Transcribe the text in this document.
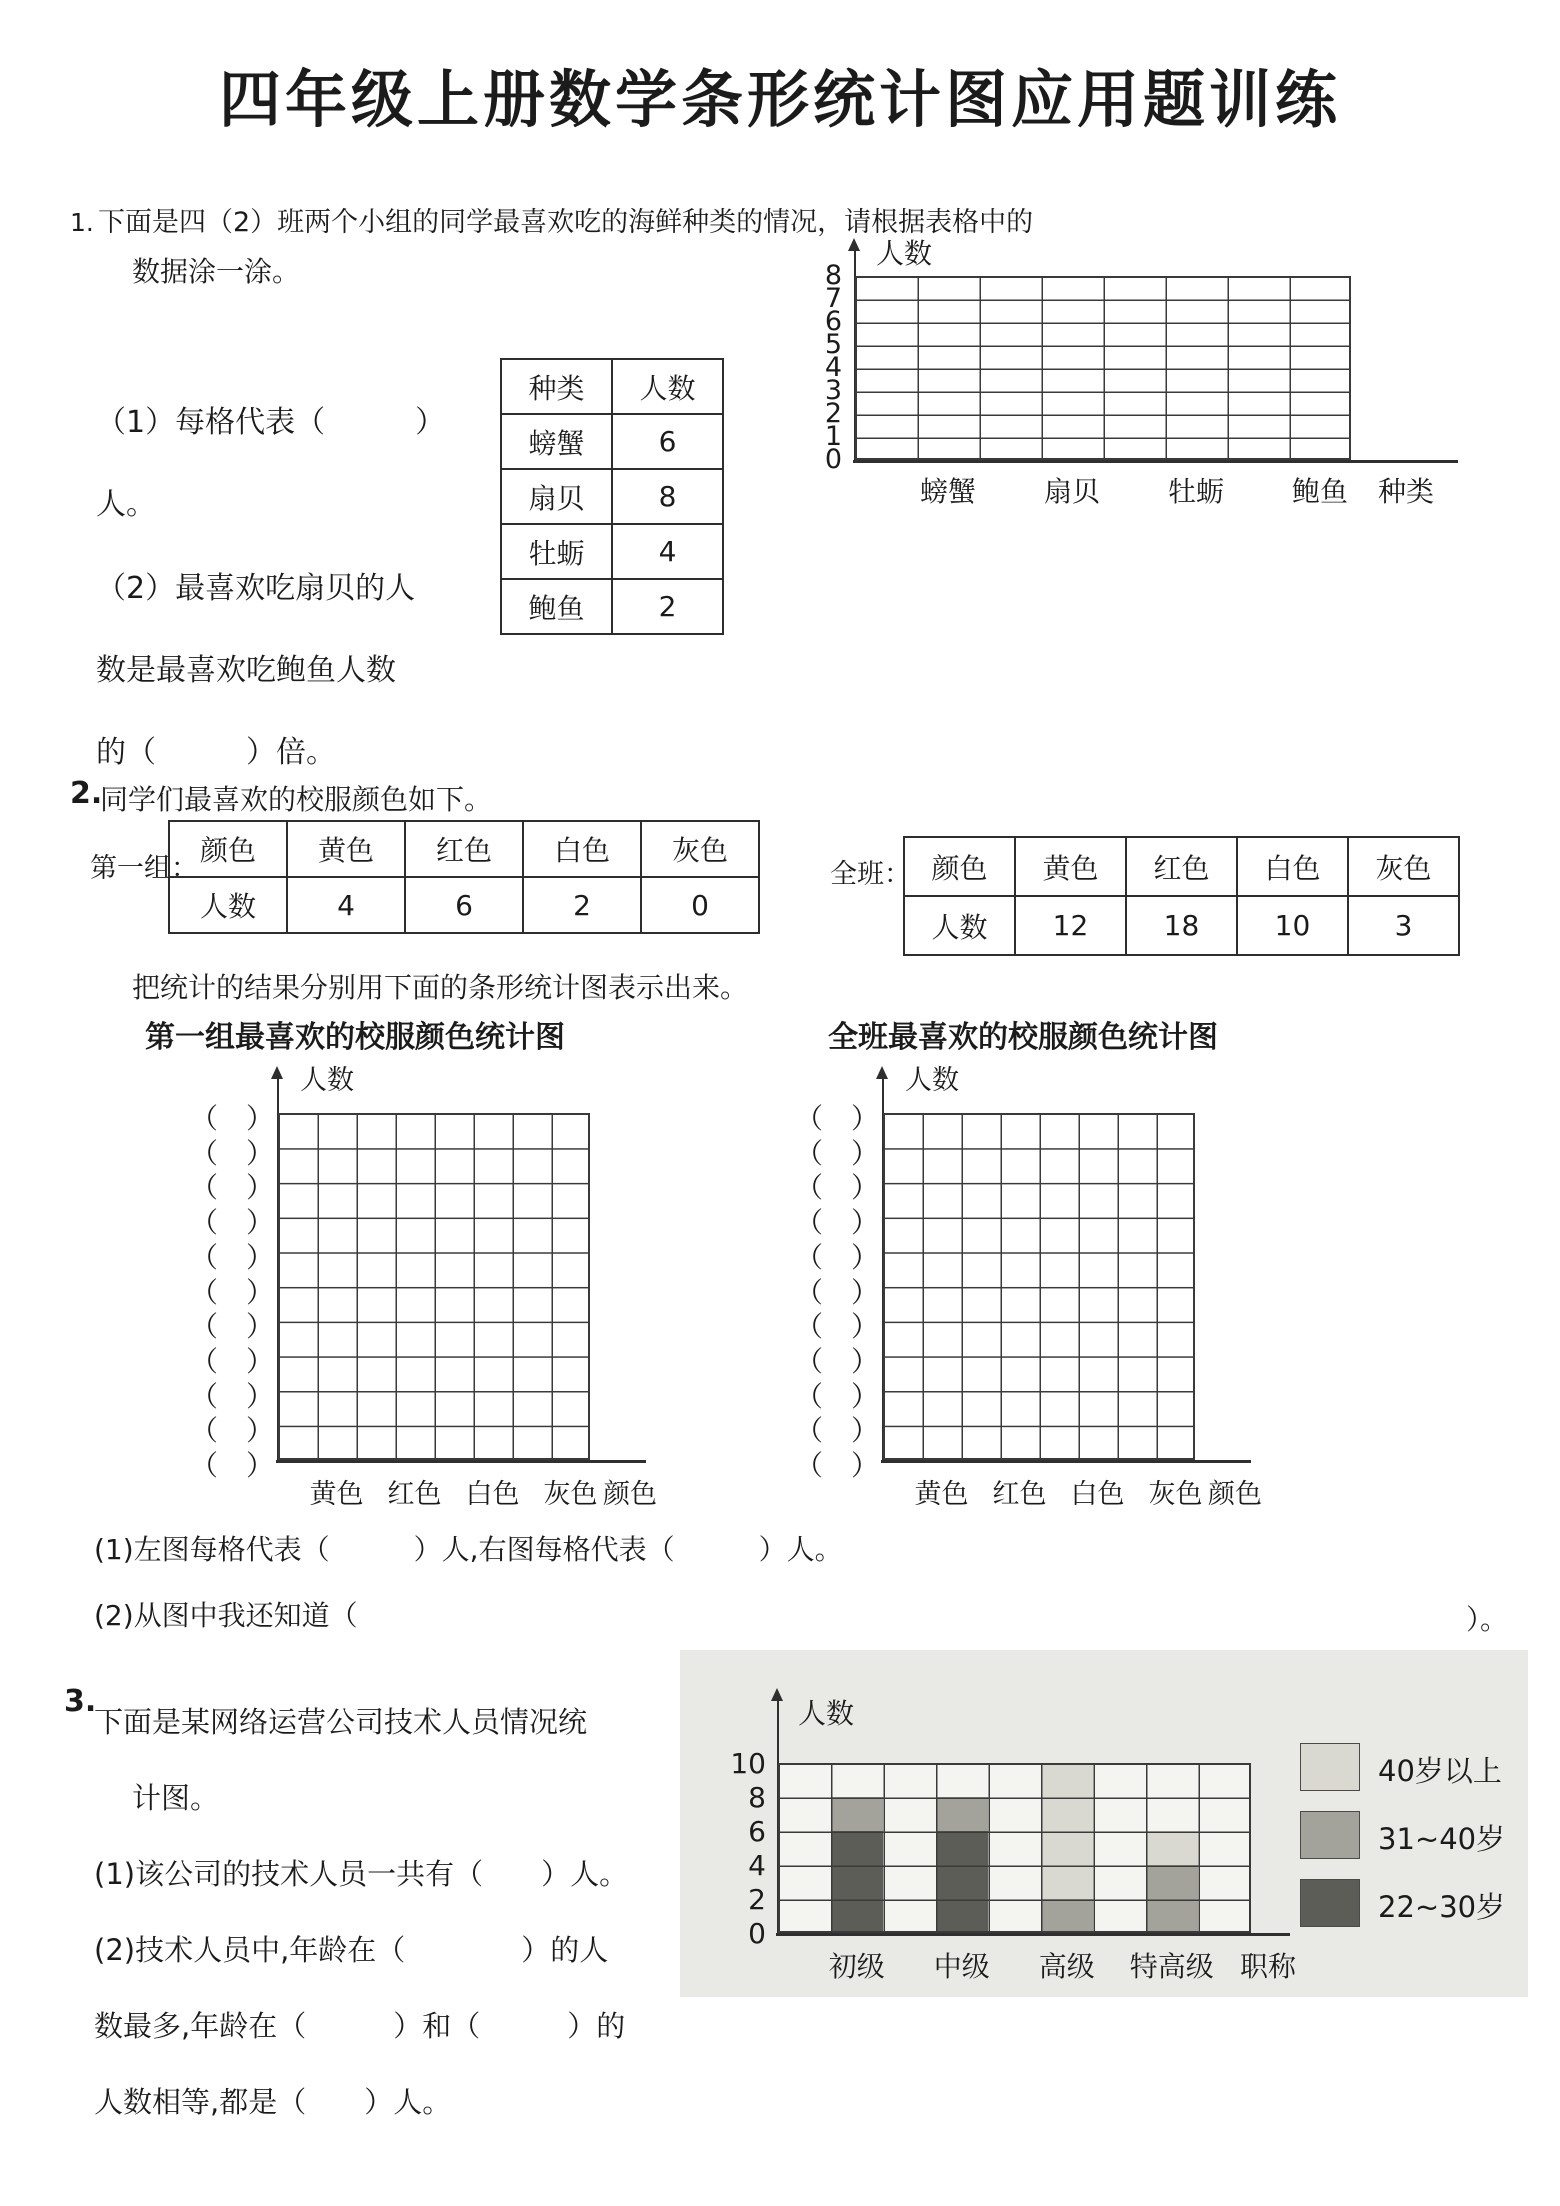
四年级上册数学条形统计图应用题训练
1. 下面是四（2）班两个小组的同学最喜欢吃的海鲜种类的情况，请根据表格中的
数据涂一涂。
（1）每格代表（　　　）
人。
（2）最喜欢吃扇贝的人
数是最喜欢吃鲍鱼人数
的（　　　）倍。
种类	人数
螃蟹	6
扇贝	8
牡蛎	4
鲍鱼	2
人数
8
7
6
5
4
3
2
1
0
螃蟹	扇贝	牡蛎	鲍鱼	种类
2.
同学们最喜欢的校服颜色如下。
第一组：
颜色	黄色	红色	白色	灰色
人数	4	6	2	0
全班： 颜色	黄色	红色	白色	灰色
人数	12	18	10	3
把统计的结果分别用下面的条形统计图表示出来。
第一组最喜欢的校服颜色统计图	全班最喜欢的校服颜色统计图
（　）
（　）
（　）
（　）
（　）
（　）
（　）
（　）
（　）
（　）
（　）
人数
黄色 红色 白色 灰色 颜色
（　）
（　）
（　）
（　）
（　）
（　）
（　）
（　）
（　）
（　）
（　）
人数
黄色 红色 白色 灰色 颜色
(1)左图每格代表（　　　）人,右图每格代表（　　　）人。
(2)从图中我还知道（	）。
3.
下面是某网络运营公司技术人员情况统
计图。
(1)该公司的技术人员一共有（　　）人。
(2)技术人员中,年龄在（　　　　）的人
数最多,年龄在（　　　）和（　　　）的
人数相等,都是（　　）人。
人数
10
8
6
4
2
0
初级	中级	高级	特高级 职称
40岁以上
31~40岁
22~30岁
